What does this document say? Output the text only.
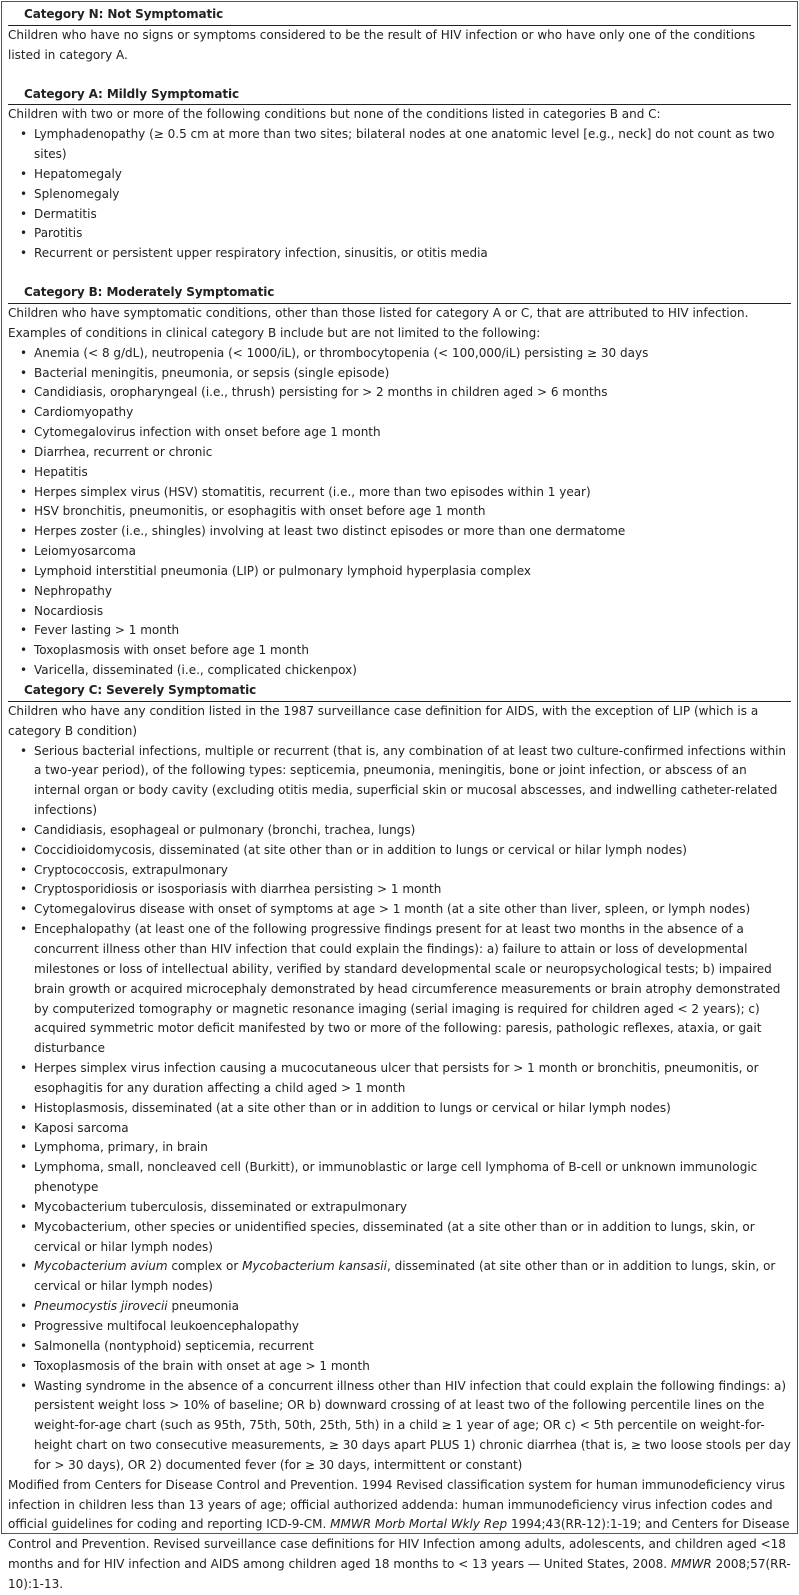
Category N: Not Symptomatic

Children who have no signs or symptoms considered to be the result of HIV infection or who have only one of the conditions listed in category A.

Category A: Mildly Symptomatic

Children with two or more of the following conditions but none of the conditions listed in categories B and C:

• Lymphadenopathy (≥ 0.5 cm at more than two sites; bilateral nodes at one anatomic level [e.g., neck] do not count as two sites)
• Hepatomegaly
• Splenomegaly
• Dermatitis
• Parotitis
• Recurrent or persistent upper respiratory infection, sinusitis, or otitis media
Category B: Moderately Symptomatic

Children who have symptomatic conditions, other than those listed for category A or C, that are attributed to HIV infection. Examples of conditions in clinical category B include but are not limited to the following:

• Anemia (< 8 g/dL), neutropenia (< 1000/iL), or thrombocytopenia (< 100,000/iL) persisting ≥ 30 days
• Bacterial meningitis, pneumonia, or sepsis (single episode)
• Candidiasis, oropharyngeal (i.e., thrush) persisting for > 2 months in children aged > 6 months
• Cardiomyopathy
• Cytomegalovirus infection with onset before age 1 month
• Diarrhea, recurrent or chronic
• Hepatitis
• Herpes simplex virus (HSV) stomatitis, recurrent (i.e., more than two episodes within 1 year)
• HSV bronchitis, pneumonitis, or esophagitis with onset before age 1 month
• Herpes zoster (i.e., shingles) involving at least two distinct episodes or more than one dermatome
• Leiomyosarcoma
• Lymphoid interstitial pneumonia (LIP) or pulmonary lymphoid hyperplasia complex
• Nephropathy
• Nocardiosis
• Fever lasting > 1 month
• Toxoplasmosis with onset before age 1 month
• Varicella, disseminated (i.e., complicated chickenpox)
Category C: Severely Symptomatic

Children who have any condition listed in the 1987 surveillance case definition for AIDS, with the exception of LIP (which is a category B condition)

• Serious bacterial infections, multiple or recurrent (that is, any combination of at least two culture-confirmed infections within a two-year period), of the following types: septicemia, pneumonia, meningitis, bone or joint infection, or abscess of an internal organ or body cavity (excluding otitis media, superficial skin or mucosal abscesses, and indwelling catheter-related infections)
• Candidiasis, esophageal or pulmonary (bronchi, trachea, lungs)
• Coccidioidomycosis, disseminated (at site other than or in addition to lungs or cervical or hilar lymph nodes)
• Cryptococcosis, extrapulmonary
• Cryptosporidiosis or isosporiasis with diarrhea persisting > 1 month
• Cytomegalovirus disease with onset of symptoms at age > 1 month (at a site other than liver, spleen, or lymph nodes)
• Encephalopathy (at least one of the following progressive findings present for at least two months in the absence of a concurrent illness other than HIV infection that could explain the findings): a) failure to attain or loss of developmental milestones or loss of intellectual ability, verified by standard developmental scale or neuropsychological tests; b) impaired brain growth or acquired microcephaly demonstrated by head circumference measurements or brain atrophy demonstrated by computerized tomography or magnetic resonance imaging (serial imaging is required for children aged < 2 years); c) acquired symmetric motor deficit manifested by two or more of the following: paresis, pathologic reflexes, ataxia, or gait disturbance
• Herpes simplex virus infection causing a mucocutaneous ulcer that persists for > 1 month or bronchitis, pneumonitis, or esophagitis for any duration affecting a child aged > 1 month
• Histoplasmosis, disseminated (at a site other than or in addition to lungs or cervical or hilar lymph nodes)
• Kaposi sarcoma
• Lymphoma, primary, in brain
• Lymphoma, small, noncleaved cell (Burkitt), or immunoblastic or large cell lymphoma of B-cell or unknown immunologic phenotype
• Mycobacterium tuberculosis, disseminated or extrapulmonary
• Mycobacterium, other species or unidentified species, disseminated (at a site other than or in addition to lungs, skin, or cervical or hilar lymph nodes)
• Mycobacterium avium complex or Mycobacterium kansasii, disseminated (at site other than or in addition to lungs, skin, or cervical or hilar lymph nodes)
• Pneumocystis jirovecii pneumonia
• Progressive multifocal leukoencephalopathy
• Salmonella (nontyphoid) septicemia, recurrent
• Toxoplasmosis of the brain with onset at age > 1 month
• Wasting syndrome in the absence of a concurrent illness other than HIV infection that could explain the following findings: a) persistent weight loss > 10% of baseline; OR b) downward crossing of at least two of the following percentile lines on the weight-for-age chart (such as 95th, 75th, 50th, 25th, 5th) in a child ≥ 1 year of age; OR c) < 5th percentile on weight-for-height chart on two consecutive measurements, ≥ 30 days apart PLUS 1) chronic diarrhea (that is, ≥ two loose stools per day for > 30 days), OR 2) documented fever (for ≥ 30 days, intermittent or constant)

Modified from Centers for Disease Control and Prevention. 1994 Revised classification system for human immunodeficiency virus infection in children less than 13 years of age; official authorized addenda: human immunodeficiency virus infection codes and official guidelines for coding and reporting ICD-9-CM. MMWR Morb Mortal Wkly Rep 1994;43(RR-12):1-19; and Centers for Disease Control and Prevention. Revised surveillance case definitions for HIV Infection among adults, adolescents, and children aged <18 months and for HIV infection and AIDS among children aged 18 months to < 13 years — United States, 2008. MMWR 2008;57(RR-10):1-13.
